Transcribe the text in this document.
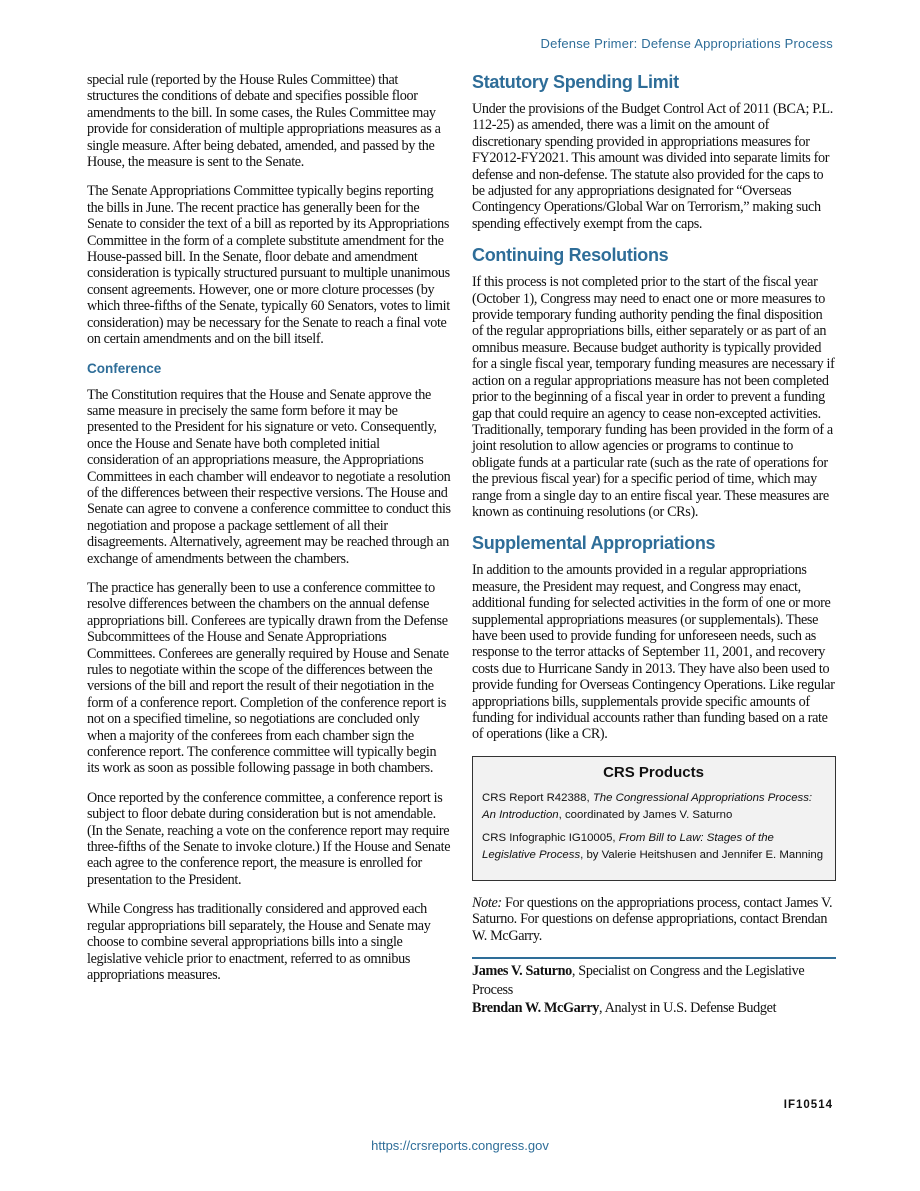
Defense Primer: Defense Appropriations Process

special rule (reported by the House Rules Committee) that structures the conditions of debate and specifies possible floor amendments to the bill. In some cases, the Rules Committee may provide for consideration of multiple appropriations measures as a single measure. After being debated, amended, and passed by the House, the measure is sent to the Senate.

The Senate Appropriations Committee typically begins reporting the bills in June. The recent practice has generally been for the Senate to consider the text of a bill as reported by its Appropriations Committee in the form of a complete substitute amendment for the House-passed bill. In the Senate, floor debate and amendment consideration is typically structured pursuant to multiple unanimous consent agreements. However, one or more cloture processes (by which three-fifths of the Senate, typically 60 Senators, votes to limit consideration) may be necessary for the Senate to reach a final vote on certain amendments and on the bill itself.

Conference

The Constitution requires that the House and Senate approve the same measure in precisely the same form before it may be presented to the President for his signature or veto. Consequently, once the House and Senate have both completed initial consideration of an appropriations measure, the Appropriations Committees in each chamber will endeavor to negotiate a resolution of the differences between their respective versions. The House and Senate can agree to convene a conference committee to conduct this negotiation and propose a package settlement of all their disagreements. Alternatively, agreement may be reached through an exchange of amendments between the chambers.

The practice has generally been to use a conference committee to resolve differences between the chambers on the annual defense appropriations bill. Conferees are typically drawn from the Defense Subcommittees of the House and Senate Appropriations Committees. Conferees are generally required by House and Senate rules to negotiate within the scope of the differences between the versions of the bill and report the result of their negotiation in the form of a conference report. Completion of the conference report is not on a specified timeline, so negotiations are concluded only when a majority of the conferees from each chamber sign the conference report. The conference committee will typically begin its work as soon as possible following passage in both chambers.

Once reported by the conference committee, a conference report is subject to floor debate during consideration but is not amendable. (In the Senate, reaching a vote on the conference report may require three-fifths of the Senate to invoke cloture.) If the House and Senate each agree to the conference report, the measure is enrolled for presentation to the President.

While Congress has traditionally considered and approved each regular appropriations bill separately, the House and Senate may choose to combine several appropriations bills into a single legislative vehicle prior to enactment, referred to as omnibus appropriations measures.

Statutory Spending Limit

Under the provisions of the Budget Control Act of 2011 (BCA; P.L. 112-25) as amended, there was a limit on the amount of discretionary spending provided in appropriations measures for FY2012-FY2021. This amount was divided into separate limits for defense and non-defense. The statute also provided for the caps to be adjusted for any appropriations designated for “Overseas Contingency Operations/Global War on Terrorism,” making such spending effectively exempt from the caps.

Continuing Resolutions

If this process is not completed prior to the start of the fiscal year (October 1), Congress may need to enact one or more measures to provide temporary funding authority pending the final disposition of the regular appropriations bills, either separately or as part of an omnibus measure. Because budget authority is typically provided for a single fiscal year, temporary funding measures are necessary if action on a regular appropriations measure has not been completed prior to the beginning of a fiscal year in order to prevent a funding gap that could require an agency to cease non-excepted activities. Traditionally, temporary funding has been provided in the form of a joint resolution to allow agencies or programs to continue to obligate funds at a particular rate (such as the rate of operations for the previous fiscal year) for a specific period of time, which may range from a single day to an entire fiscal year. These measures are known as continuing resolutions (or CRs).

Supplemental Appropriations

In addition to the amounts provided in a regular appropriations measure, the President may request, and Congress may enact, additional funding for selected activities in the form of one or more supplemental appropriations measures (or supplementals). These have been used to provide funding for unforeseen needs, such as response to the terror attacks of September 11, 2001, and recovery costs due to Hurricane Sandy in 2013. They have also been used to provide funding for Overseas Contingency Operations. Like regular appropriations bills, supplementals provide specific amounts of funding for individual accounts rather than funding based on a rate of operations (like a CR).

CRS Products
CRS Report R42388, The Congressional Appropriations Process: An Introduction, coordinated by James V. Saturno
CRS Infographic IG10005, From Bill to Law: Stages of the Legislative Process, by Valerie Heitshusen and Jennifer E. Manning

Note: For questions on the appropriations process, contact James V. Saturno. For questions on defense appropriations, contact Brendan W. McGarry.

James V. Saturno, Specialist on Congress and the Legislative Process

Brendan W. McGarry, Analyst in U.S. Defense Budget

IF10514
https://crsreports.congress.gov
